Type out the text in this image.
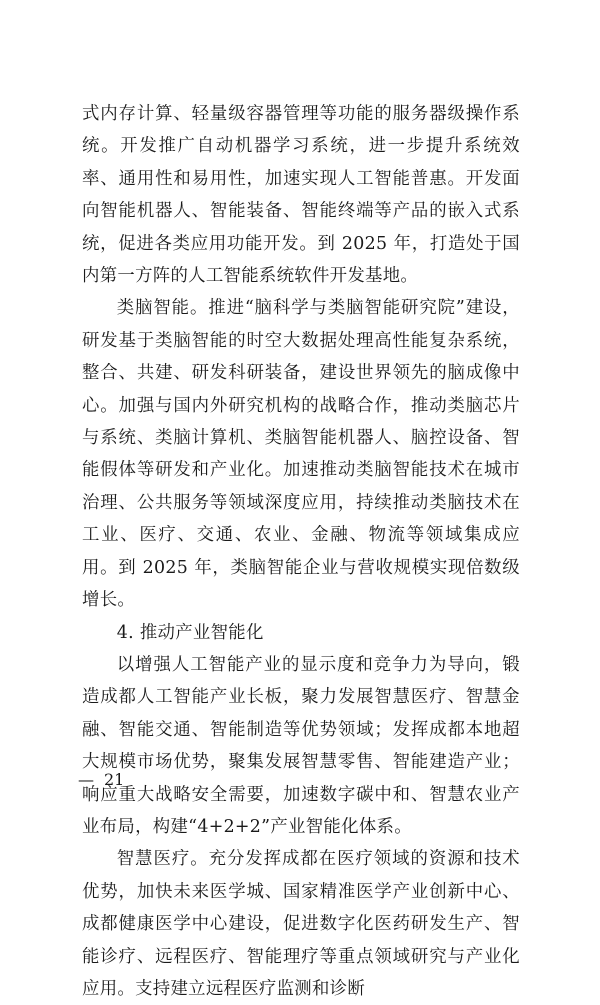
式内存计算、轻量级容器管理等功能的服务器级操作系统。开发推广自动机器学习系统，进一步提升系统效率、通用性和易用性，加速实现人工智能普惠。开发面向智能机器人、智能装备、智能终端等产品的嵌入式系统，促进各类应用功能开发。到 2025 年，打造处于国内第一方阵的人工智能系统软件开发基地。

类脑智能。推进“脑科学与类脑智能研究院”建设，研发基于类脑智能的时空大数据处理高性能复杂系统，整合、共建、研发科研装备，建设世界领先的脑成像中心。加强与国内外研究机构的战略合作，推动类脑芯片与系统、类脑计算机、类脑智能机器人、脑控设备、智能假体等研发和产业化。加速推动类脑智能技术在城市治理、公共服务等领域深度应用，持续推动类脑技术在工业、医疗、交通、农业、金融、物流等领域集成应用。到 2025 年，类脑智能企业与营收规模实现倍数级增长。

4. 推动产业智能化

以增强人工智能产业的显示度和竞争力为导向，锻造成都人工智能产业长板，聚力发展智慧医疗、智慧金融、智能交通、智能制造等优势领域；发挥成都本地超大规模市场优势，聚集发展智慧零售、智能建造产业；响应重大战略安全需要，加速数字碳中和、智慧农业产业布局，构建“4+2+2”产业智能化体系。

智慧医疗。充分发挥成都在医疗领域的资源和技术优势，加快未来医学城、国家精准医学产业创新中心、成都健康医学中心建设，促进数字化医药研发生产、智能诊疗、远程医疗、智能理疗等重点领域研究与产业化应用。支持建立远程医疗监测和诊断

— 21
